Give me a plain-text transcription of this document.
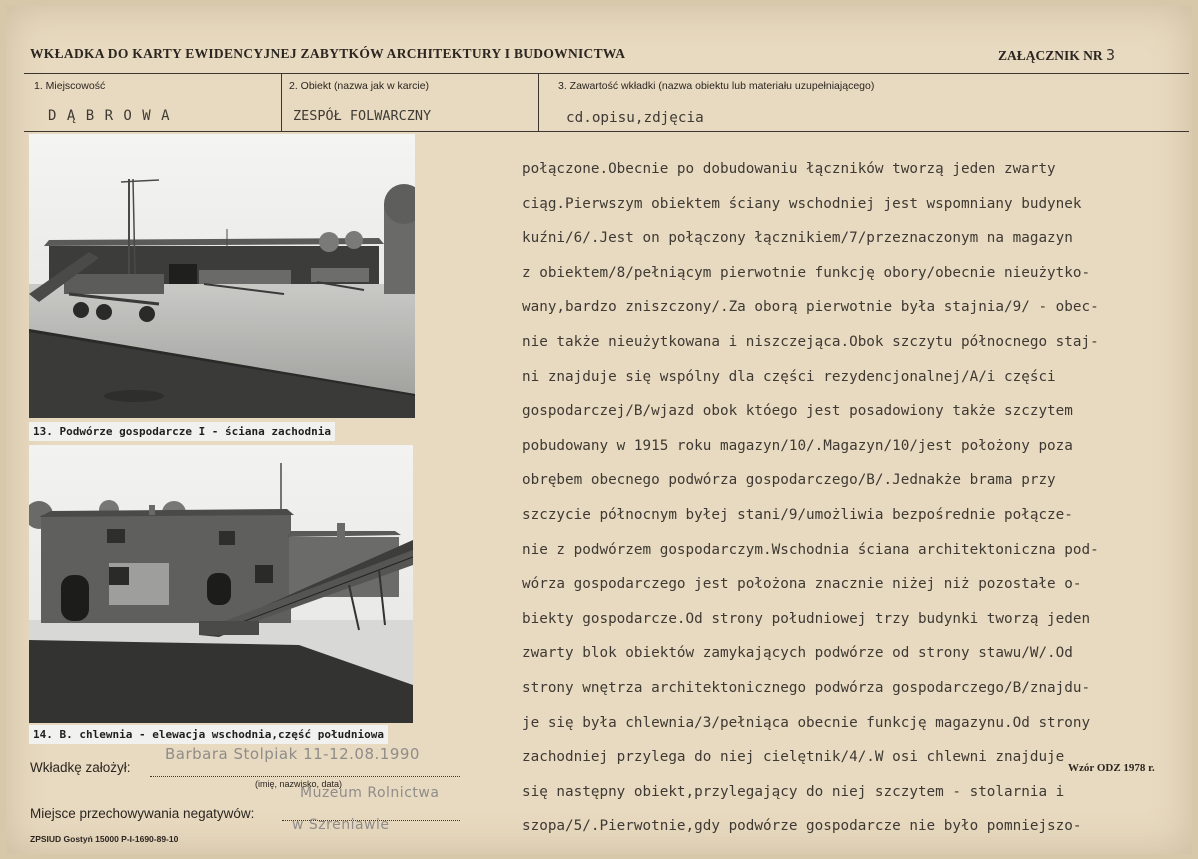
WKŁADKA DO KARTY EWIDENCYJNEJ ZABYTKÓW ARCHITEKTURY I BUDOWNICTWA	ZAŁĄCZNIK NR 3
1. Miejscowość
D Ą B R O W A
2. Obiekt (nazwa jak w karcie)
ZESPÓŁ FOLWARCZNY
3. Zawartość wkładki (nazwa obiektu lub materiału uzupełniającego)
cd.opisu,zdjęcia
13. Podwórze gospodarcze I - ściana zachodnia
14. B. chlewnia - elewacja wschodnia,część południowa
połączone.Obecnie po dobudowaniu łączników tworzą jeden zwarty
ciąg.Pierwszym obiektem ściany wschodniej jest wspomniany budynek
kuźni/6/.Jest on połączony łącznikiem/7/przeznaczonym na magazyn
z obiektem/8/pełniącym pierwotnie funkcję obory/obecnie nieużytko-
wany,bardzo zniszczony/.Za oborą pierwotnie była stajnia/9/ - obec-
nie także nieużytkowana i niszczejąca.Obok szczytu północnego staj-
ni znajduje się wspólny dla części rezydencjonalnej/A/i części
gospodarczej/B/wjazd obok któego jest posadowiony także szczytem
pobudowany w 1915 roku magazyn/10/.Magazyn/10/jest położony poza
obrębem obecnego podwórza gospodarczego/B/.Jednakże brama przy
szczycie północnym byłej stani/9/umożliwia bezpośrednie połącze-
nie z podwórzem gospodarczym.Wschodnia ściana architektoniczna pod-
wórza gospodarczego jest położona znacznie niżej niż pozostałe o-
biekty gospodarcze.Od strony południowej trzy budynki tworzą jeden
zwarty blok obiektów zamykających podwórze od strony stawu/W/.Od
strony wnętrza architektonicznego podwórza gospodarczego/B/znajdu-
je się była chlewnia/3/pełniąca obecnie funkcję magazynu.Od strony
zachodniej przylega do niej cielętnik/4/.W osi chlewni znajduje
się następny obiekt,przylegający do niej szczytem - stolarnia i
szopa/5/.Pierwotnie,gdy podwórze gospodarcze nie było pomniejszo-
Wkładkę założył:
Barbara Stolpiak 11-12.08.1990
(imię, nazwisko, data)
Miejsce przechowywania negatywów:
Muzeum Rolnictwa
w Szreniawie
Wzór ODZ 1978 r.
ZPSIUD Gostyń 15000 P-I-1690-89-10
